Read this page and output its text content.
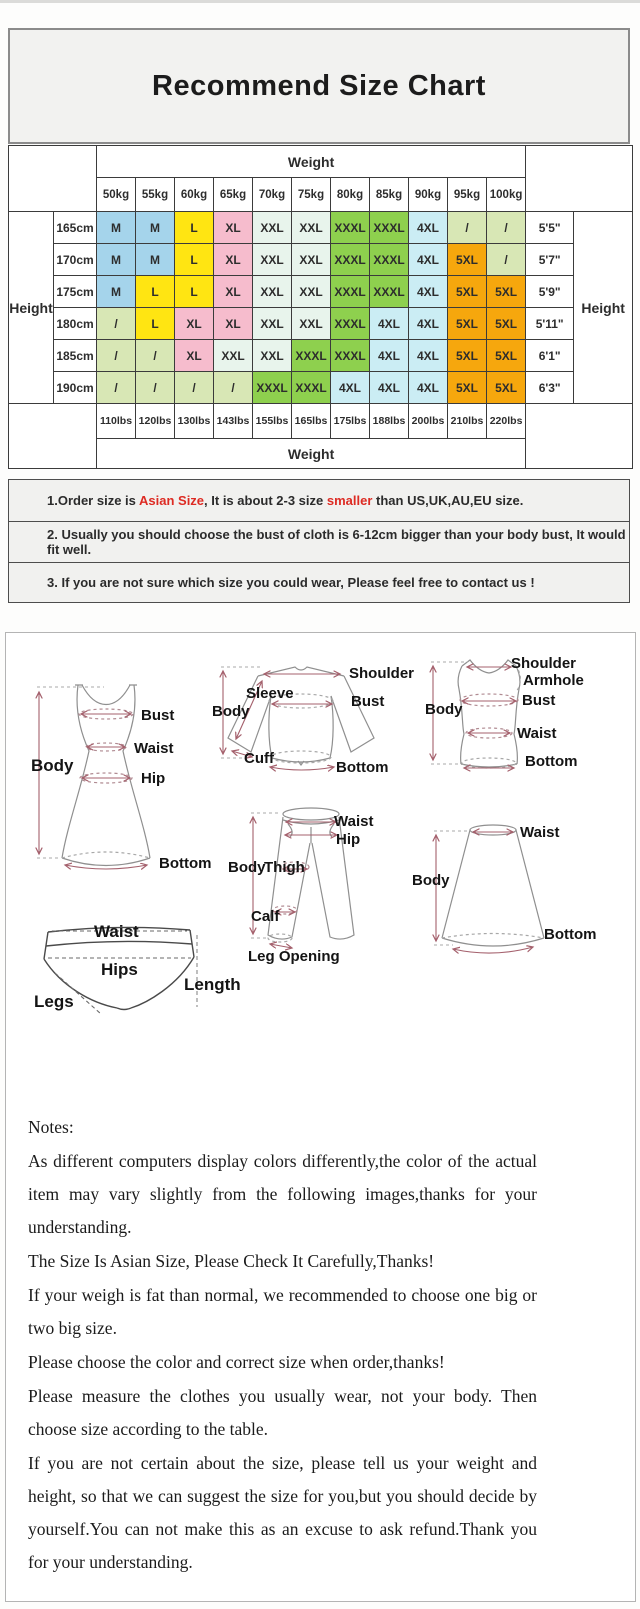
Recommend Size Chart
		Weight												
		50kg	55kg	60kg	65kg	70kg	75kg	80kg	85kg	90kg	95kg	100kg		
Height	165cm	M	M	L	XL	XXL	XXL	XXXL	XXXL	4XL	/	/	5'5"	Height
	170cm	M	M	L	XL	XXL	XXL	XXXL	XXXL	4XL	5XL	/	5'7"	
	175cm	M	L	L	XL	XXL	XXL	XXXL	XXXL	4XL	5XL	5XL	5'9"	
	180cm	/	L	XL	XL	XXL	XXL	XXXL	4XL	4XL	5XL	5XL	5'11"	
	185cm	/	/	XL	XXL	XXL	XXXL	XXXL	4XL	4XL	5XL	5XL	6'1"	
	190cm	/	/	/	/	XXXL	XXXL	4XL	4XL	4XL	5XL	5XL	6'3"	
		110lbs	120lbs	130lbs	143lbs	155lbs	165lbs	175lbs	188lbs	200lbs	210lbs	220lbs		
		Weight												
1.Order size is Asian Size, It is about 2-3 size smaller than US,UK,AU,EU size.
2. Usually you should choose the bust of cloth is 6-12cm bigger than your body bust, It would fit well.
3. If you are not sure which size you could wear, Please feel free to contact us !
Body
Bust
Waist
Hip
Bottom
Sleeve
Body
Cuff
Shoulder
Bust
Bottom
Shoulder
Armhole
Body
Bust
Waist
Bottom
Waist
Hip
Body
Thigh
Calf
Leg Opening
Waist
Hips
Legs
Length
Waist
Body
Bottom

Notes:

As different computers display colors differently,the color of the actual item may vary slightly from the following images,thanks for your understanding.

The Size Is Asian Size, Please Check It Carefully,Thanks!

If your weigh is fat than normal, we recommended to choose one big or two big size.

Please choose the color and correct size when order,thanks!

Please measure the clothes you usually wear, not your body. Then choose size according to the table.

If you are not certain about the size, please tell us your weight and height, so that we can suggest the size for you,but you should decide by yourself.You can not make this as an excuse to ask refund.Thank you for your understanding.
